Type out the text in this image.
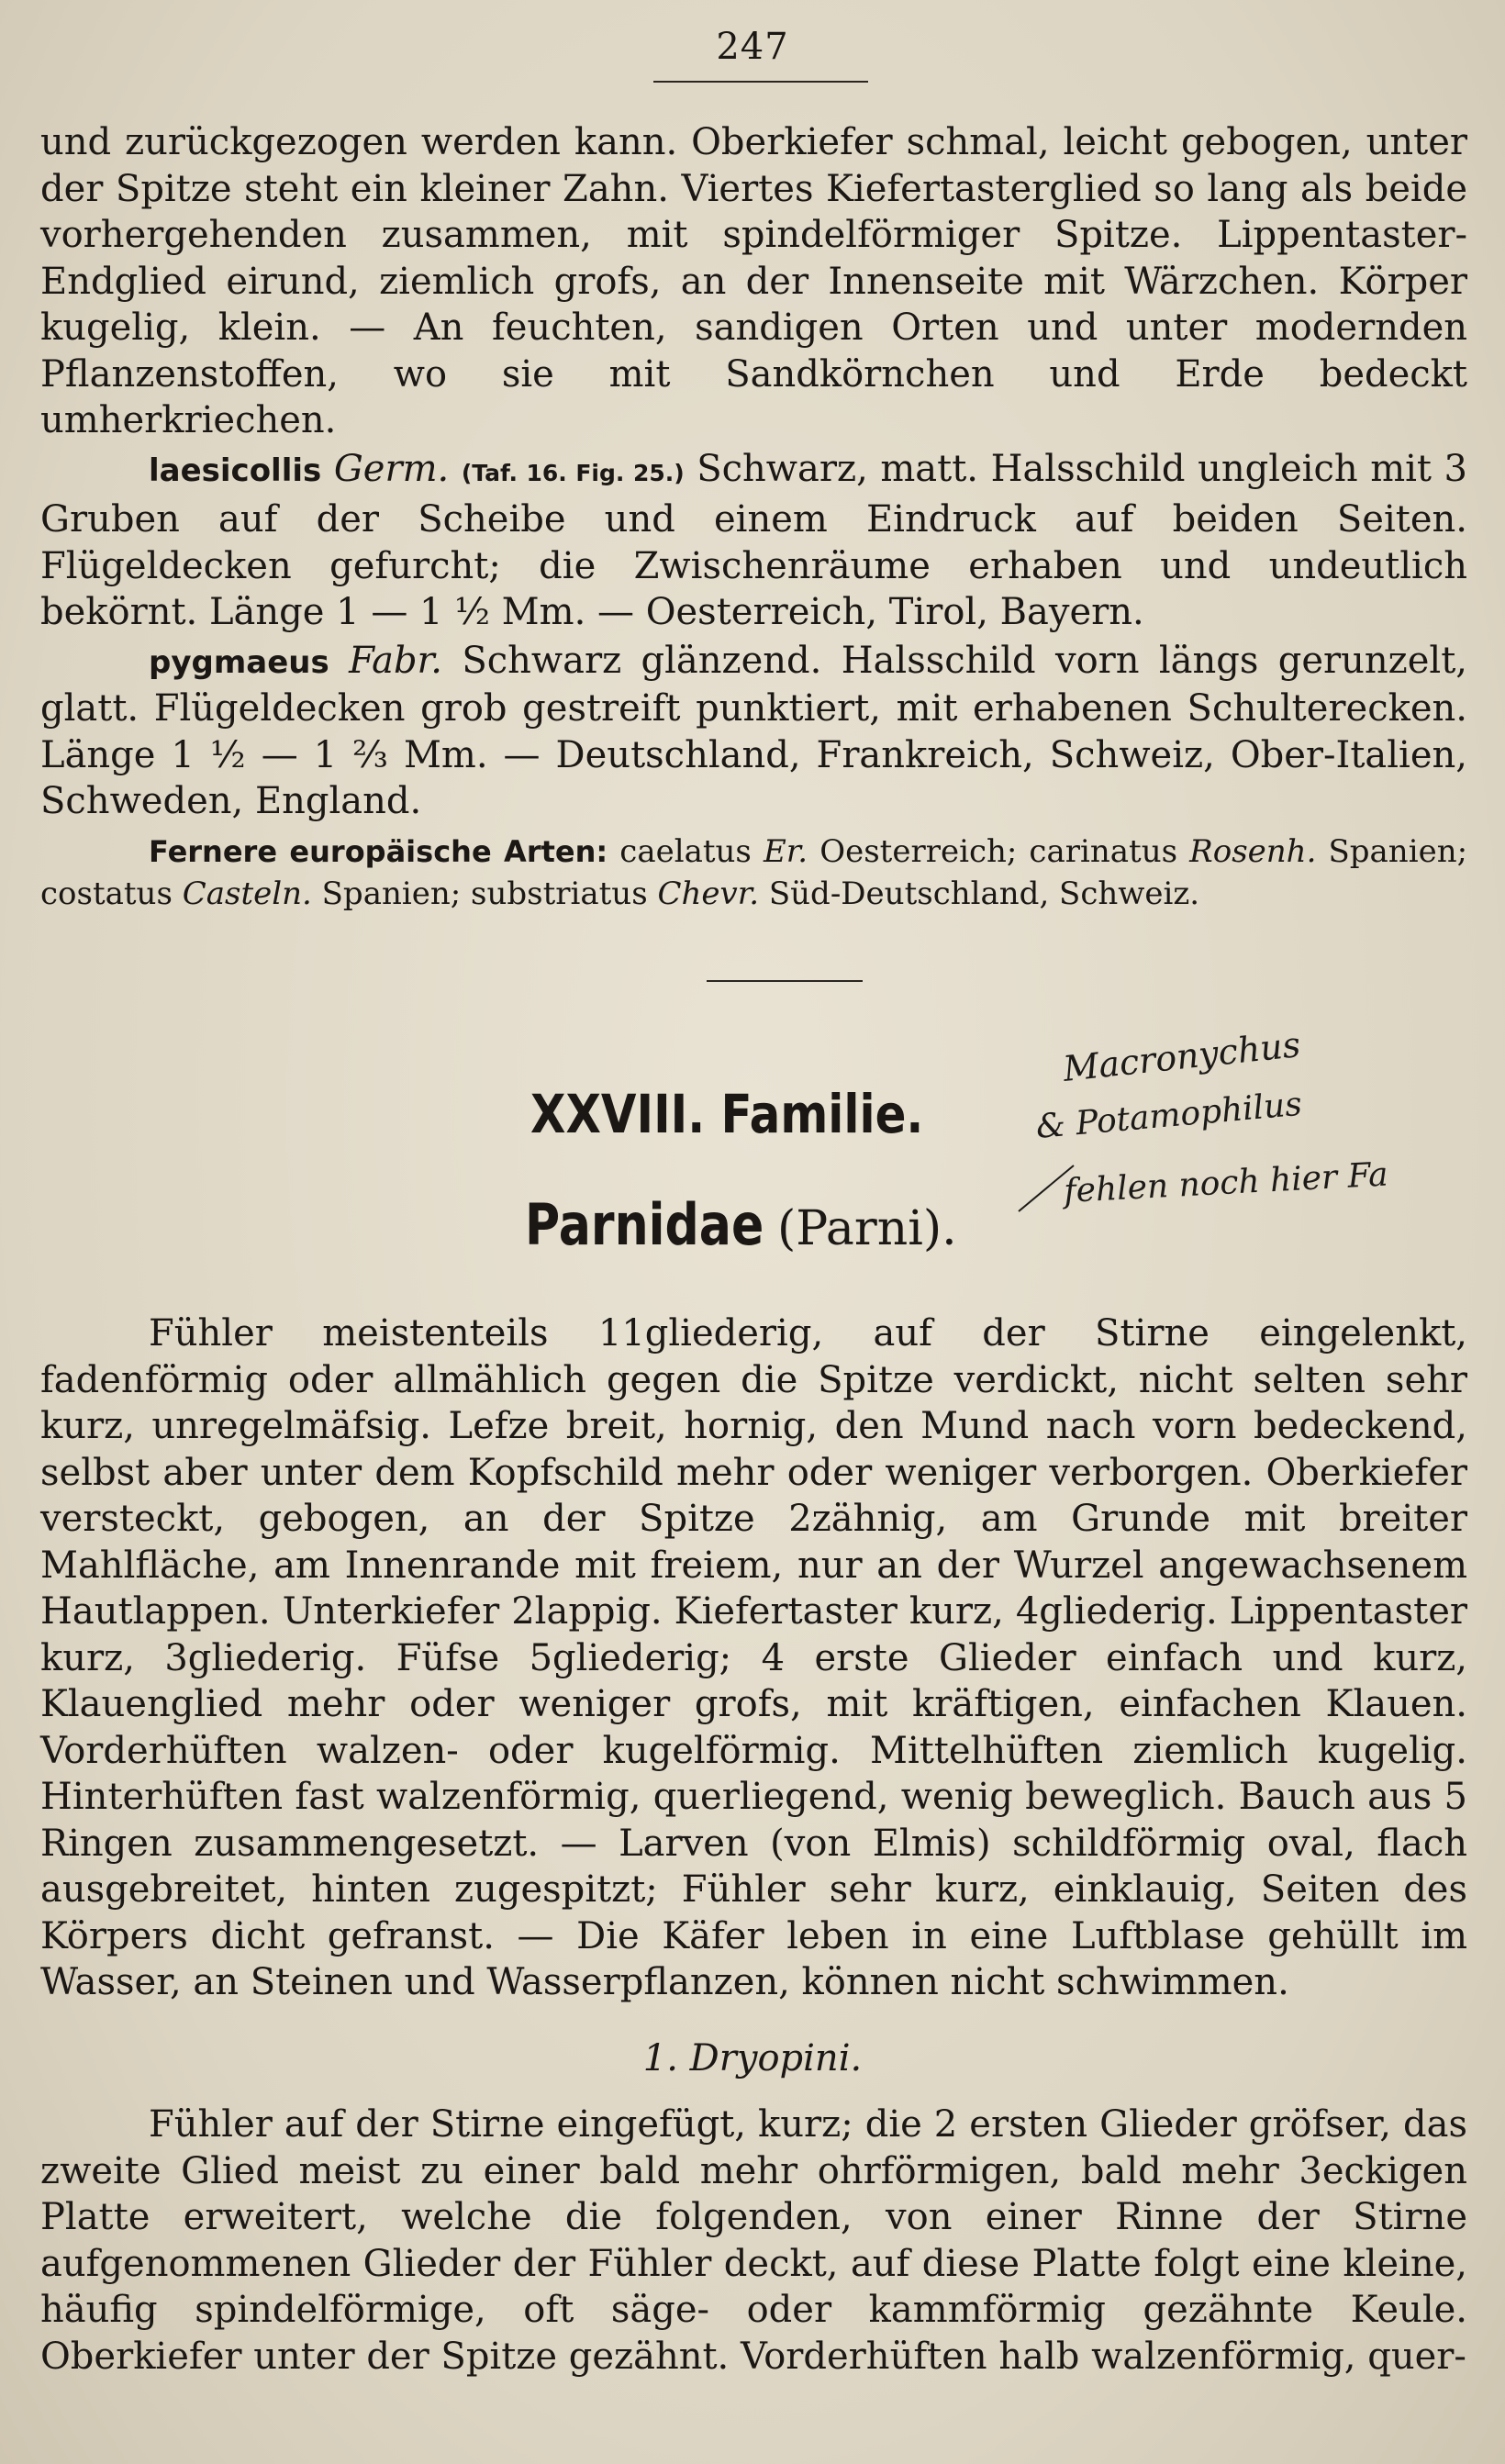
247

und zurückgezogen werden kann. Oberkiefer schmal, leicht gebogen, unter der Spitze steht ein kleiner Zahn. Viertes Kiefertasterglied so lang als beide vorhergehenden zusammen, mit spindelförmiger Spitze. Lippentaster-Endglied eirund, ziemlich grofs, an der Innenseite mit Wärzchen. Körper kugelig, klein. — An feuchten, sandigen Orten und unter modernden Pflanzenstoffen, wo sie mit Sandkörnchen und Erde bedeckt umherkriechen.

laesicollis Germ. (Taf. 16. Fig. 25.) Schwarz, matt. Halsschild ungleich mit 3 Gruben auf der Scheibe und einem Eindruck auf beiden Seiten. Flügeldecken gefurcht; die Zwischenräume erhaben und undeutlich bekörnt. Länge 1 — 1 ½ Mm. — Oesterreich, Tirol, Bayern.

pygmaeus Fabr. Schwarz glänzend. Halsschild vorn längs gerunzelt, glatt. Flügeldecken grob gestreift punktiert, mit erhabenen Schulterecken. Länge 1 ½ — 1 ⅔ Mm. — Deutschland, Frankreich, Schweiz, Ober-Italien, Schweden, England.

Fernere europäische Arten: caelatus Er. Oesterreich; carinatus Rosenh. Spanien; costatus Casteln. Spanien; substriatus Chevr. Süd-Deutschland, Schweiz.

XXVIII. Familie.
Parnidae (Parni).
Macronychus
& Potamophilus
fehlen noch hier Fa

Fühler meistenteils 11gliederig, auf der Stirne eingelenkt, fadenförmig oder allmählich gegen die Spitze verdickt, nicht selten sehr kurz, unregelmäfsig. Lefze breit, hornig, den Mund nach vorn bedeckend, selbst aber unter dem Kopfschild mehr oder weniger verborgen. Oberkiefer versteckt, gebogen, an der Spitze 2zähnig, am Grunde mit breiter Mahlfläche, am Innenrande mit freiem, nur an der Wurzel angewachsenem Hautlappen. Unterkiefer 2lappig. Kiefertaster kurz, 4gliederig. Lippentaster kurz, 3gliederig. Füfse 5gliederig; 4 erste Glieder einfach und kurz, Klauenglied mehr oder weniger grofs, mit kräftigen, einfachen Klauen. Vorderhüften walzen- oder kugelförmig. Mittelhüften ziemlich kugelig. Hinterhüften fast walzenförmig, querliegend, wenig beweglich. Bauch aus 5 Ringen zusammengesetzt. — Larven (von Elmis) schildförmig oval, flach ausgebreitet, hinten zugespitzt; Fühler sehr kurz, einklauig, Seiten des Körpers dicht gefranst. — Die Käfer leben in eine Luftblase gehüllt im Wasser, an Steinen und Wasserpflanzen, können nicht schwimmen.

1. Dryopini.

Fühler auf der Stirne eingefügt, kurz; die 2 ersten Glieder gröfser, das zweite Glied meist zu einer bald mehr ohrförmigen, bald mehr 3eckigen Platte erweitert, welche die folgenden, von einer Rinne der Stirne aufgenommenen Glieder der Fühler deckt, auf diese Platte folgt eine kleine, häufig spindelförmige, oft säge- oder kammförmig gezähnte Keule. Oberkiefer unter der Spitze gezähnt. Vorderhüften halb walzenförmig, quer-
